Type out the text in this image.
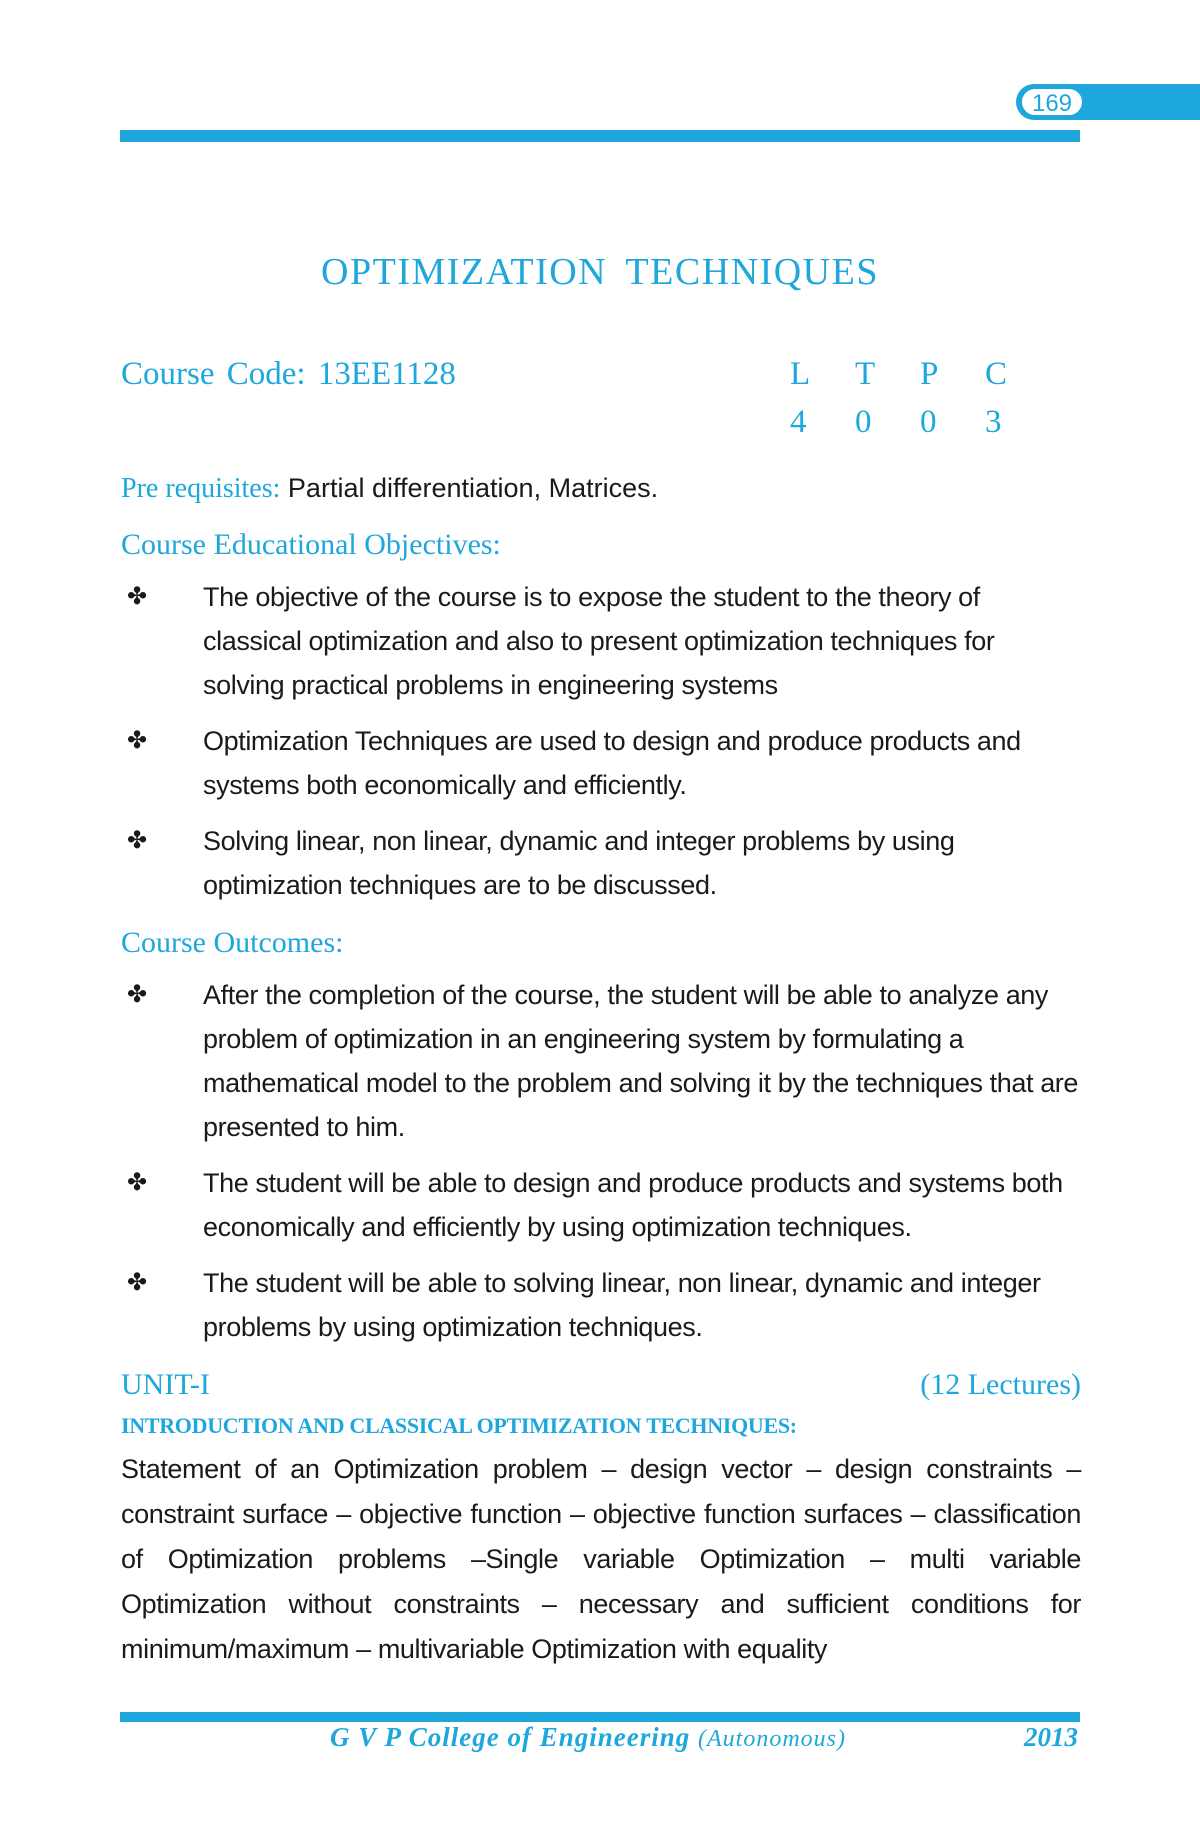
169
OPTIMIZATION TECHNIQUES
Course Code: 13EE1128	L	T	P	C
4	0	0	3

Pre requisites: Partial differentiation, Matrices.

Course Educational Objectives:
✤ The objective of the course is to expose the student to the theory of classical optimization and also to present optimization techniques for solving practical problems in engineering systems
✤ Optimization Techniques are used to design and produce products and systems both economically and efficiently.
✤ Solving linear, non linear, dynamic and integer problems by using optimization techniques are to be discussed.
Course Outcomes:
✤ After the completion of the course, the student will be able to analyze any problem of optimization in an engineering system by formulating a mathematical model to the problem and solving it by the techniques that are presented to him.
✤ The student will be able to design and produce products and systems both economically and efficiently by using optimization techniques.
✤ The student will be able to solving linear, non linear, dynamic and integer problems by using optimization techniques.
UNIT-I	(12 Lectures)
INTRODUCTION AND CLASSICAL OPTIMIZATION TECHNIQUES:

Statement of an Optimization problem – design vector – design constraints – constraint surface – objective function – objective function surfaces – classification of Optimization problems –Single variable Optimization – multi variable Optimization without constraints – necessary and sufficient conditions for minimum/maximum – multivariable Optimization with equality

G V P College of Engineering (Autonomous)	2013
